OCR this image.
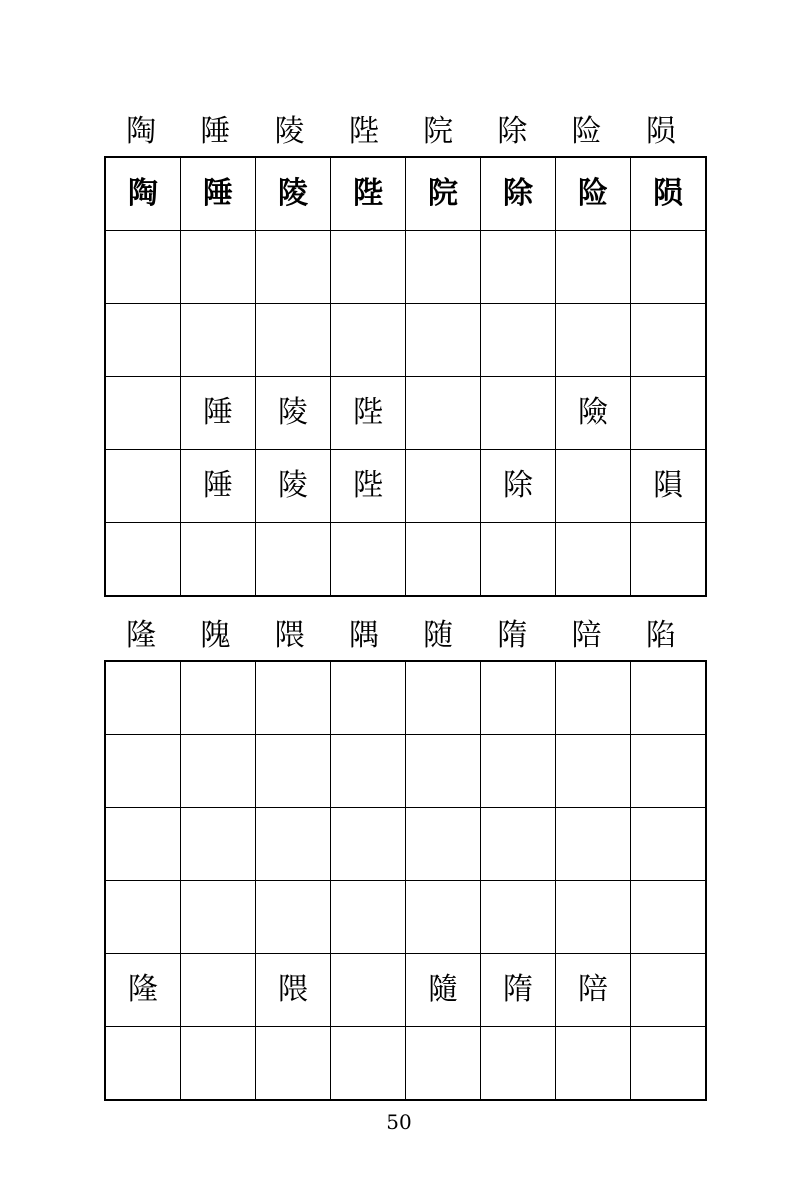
陶	陲	陵	陛	院	除	险	陨
陶	陲	陵	陛	院	除	险	陨

	陲	陵	陛			險	
	陲	陵	陛		除		隕

隆	隗	隈	隅	随	隋	陪	陷

隆		隈		隨	隋	陪	

50
